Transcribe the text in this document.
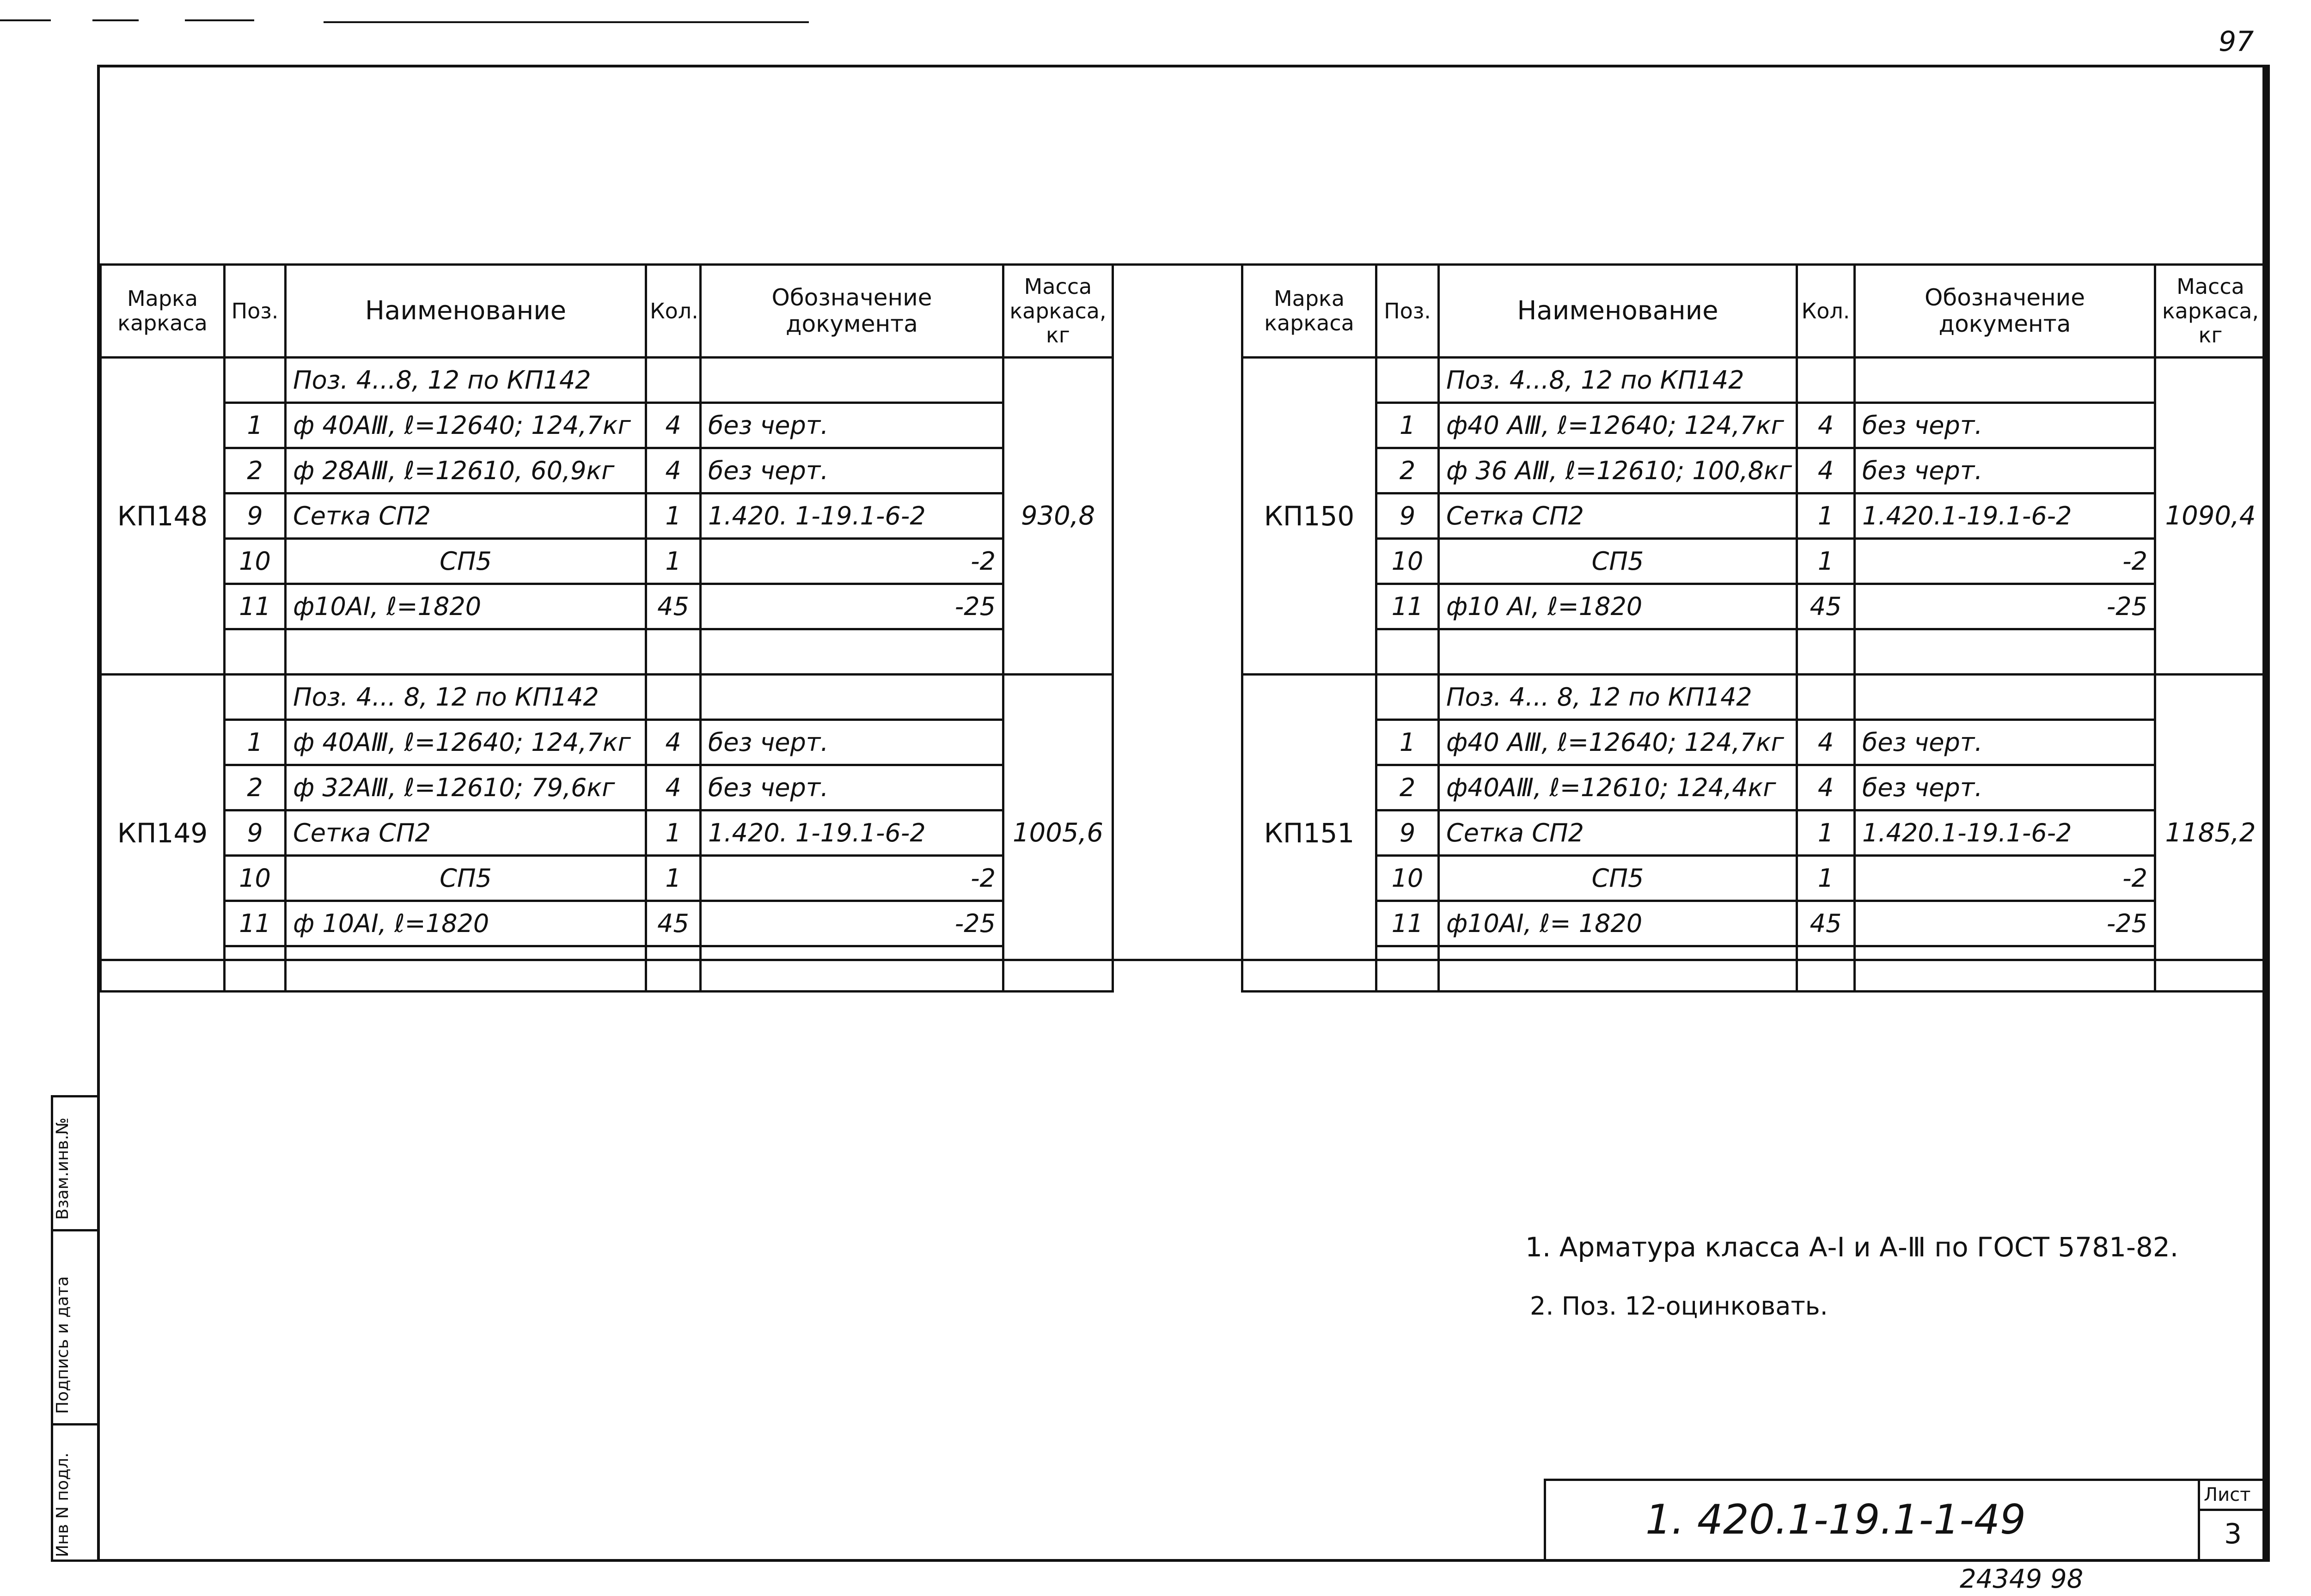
97
Инв N подл.
Подпись и дата
Взам.инв.№
Марка каркаса	Поз.	Наименование	Кол.	Обозначение документа	Масса каркаса, кг
КП148		Поз. 4...8, 12 по КП142			930,8
	1	ф 40АⅢ, ℓ=12640; 124,7кг	4	без черт.	
	2	ф 28АⅢ, ℓ=12610, 60,9кг	4	без черт.	
	9	Сетка СП2	1	1.420. 1-19.1-6-2	
	10	СП5	1	-2	
	11	ф10АⅠ, ℓ=1820	45	-25	

КП149		Поз. 4... 8, 12 по КП142			1005,6
	1	ф 40АⅢ, ℓ=12640; 124,7кг	4	без черт.	
	2	ф 32АⅢ, ℓ=12610; 79,6кг	4	без черт.	
	9	Сетка СП2	1	1.420. 1-19.1-6-2	
	10	СП5	1	-2	
	11	ф 10АⅠ, ℓ=1820	45	-25	

Марка каркаса	Поз.	Наименование	Кол.	Обозначение документа	Масса каркаса, кг
КП150		Поз. 4...8, 12 по КП142			1090,4
	1	ф40 АⅢ, ℓ=12640; 124,7кг	4	без черт.	
	2	ф 36 АⅢ, ℓ=12610; 100,8кг	4	без черт.	
	9	Сетка СП2	1	1.420.1-19.1-6-2	
	10	СП5	1	-2	
	11	ф10 АⅠ, ℓ=1820	45	-25	

КП151		Поз. 4... 8, 12 по КП142			1185,2
	1	ф40 АⅢ, ℓ=12640; 124,7кг	4	без черт.	
	2	ф40АⅢ, ℓ=12610; 124,4кг	4	без черт.	
	9	Сетка СП2	1	1.420.1-19.1-6-2	
	10	СП5	1	-2	
	11	ф10АⅠ, ℓ= 1820	45	-25	

1. Арматура класса А-Ⅰ и А-Ⅲ по ГОСТ 5781-82.
2. Поз. 12-оцинковать.
1. 420.1-19.1-1-49
Лист
3
24349 98
